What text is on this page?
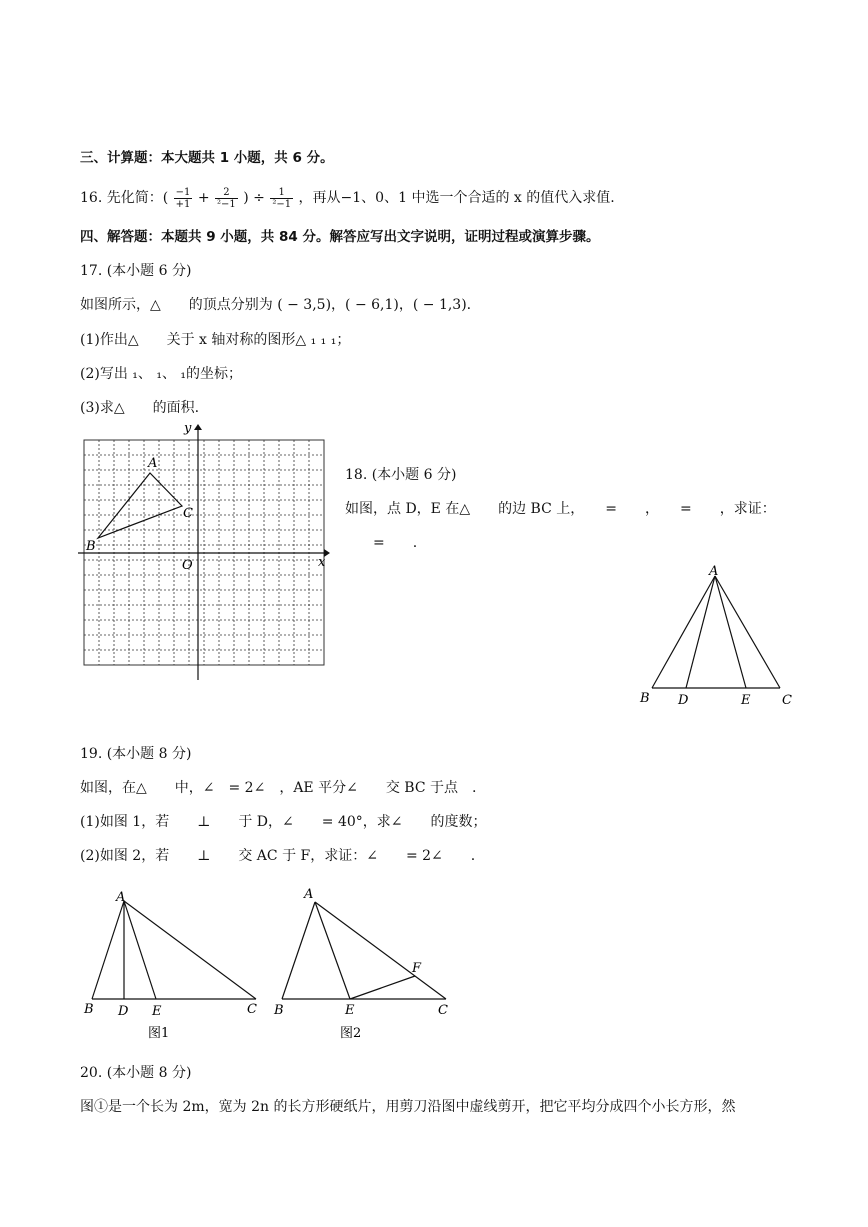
三、计算题：本大题共 1 小题，共 6 分。
16. 先化简：( $\frac{-1}{+1} + \frac{2}{\text{²−1}}$ ) ÷ $\frac{1}{\text{²−1}}$ ，再从−1、0、1 中选一个合适的 x 的值代入求值.
四、解答题：本题共 9 小题，共 84 分。解答应写出文字说明，证明过程或演算步骤。
17. (本小题 6 分)
如图所示，△　　的顶点分别为 ( − 3,5)，( − 6,1)，( − 1,3).
(1)作出△　　关于 x 轴对称的图形△ ₁ ₁ ₁；
(2)写出 ₁、 ₁、 ₁的坐标；
(3)求△　　的面积.
A
B
C
O	x
y
18. (本小题 6 分)
如图，点 D，E 在△　　的边 BC 上，　　=　　，　　=　　，求证：
　　=　　.
A
B D	E C
19. (本小题 8 分)
如图，在△　　中，∠　= 2∠　，AE 平分∠　　交 BC 于点　.
(1)如图 1，若　　⊥　　于 D，∠　　= 40°，求∠　　的度数；
(2)如图 2，若　　⊥　　交 AC 于 F，求证：∠　　= 2∠　　.
A
B D E	C
图1
A
B	E
F
C
图2
20. (本小题 8 分)
图①是一个长为 2m，宽为 2n 的长方形硬纸片，用剪刀沿图中虚线剪开，把它平均分成四个小长方形，然
